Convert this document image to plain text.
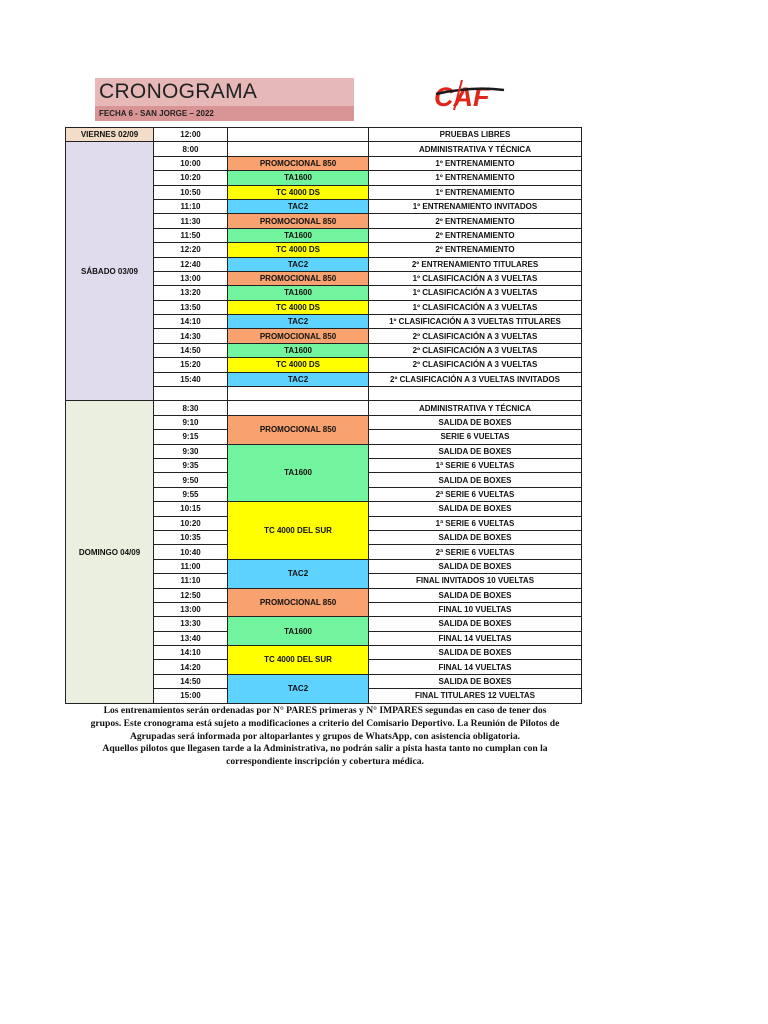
CRONOGRAMA
FECHA 6 - SAN JORGE – 2022
CAF
VIERNES 02/09	12:00		PRUEBAS LIBRES
SÁBADO 03/09	8:00		ADMINISTRATIVA Y TÉCNICA
	10:00	PROMOCIONAL 850	1º ENTRENAMIENTO
	10:20	TA1600	1º ENTRENAMIENTO
	10:50	TC 4000 DS	1º ENTRENAMIENTO
	11:10	TAC2	1º ENTRENAMIENTO INVITADOS
	11:30	PROMOCIONAL 850	2º ENTRENAMIENTO
	11:50	TA1600	2º ENTRENAMIENTO
	12:20	TC 4000 DS	2º ENTRENAMIENTO
	12:40	TAC2	2º ENTRENAMIENTO TITULARES
	13:00	PROMOCIONAL 850	1º CLASIFICACIÓN A 3 VUELTAS
	13:20	TA1600	1º CLASIFICACIÓN A 3 VUELTAS
	13:50	TC 4000 DS	1º CLASIFICACIÓN A 3 VUELTAS
	14:10	TAC2	1º CLASIFICACIÓN A 3 VUELTAS TITULARES
	14:30	PROMOCIONAL 850	2º CLASIFICACIÓN A 3 VUELTAS
	14:50	TA1600	2º CLASIFICACIÓN A 3 VUELTAS
	15:20	TC 4000 DS	2º CLASIFICACIÓN A 3 VUELTAS
	15:40	TAC2	2º CLASIFICACIÓN A 3 VUELTAS INVITADOS

DOMINGO 04/09	8:30		ADMINISTRATIVA Y TÉCNICA
	9:10	PROMOCIONAL 850	SALIDA DE BOXES
	9:15		SERIE 6 VUELTAS
	9:30	TA1600	SALIDA DE BOXES
	9:35		1ª SERIE 6 VUELTAS
	9:50		SALIDA DE BOXES
	9:55		2ª SERIE 6 VUELTAS
	10:15	TC 4000 DEL SUR	SALIDA DE BOXES
	10:20		1ª SERIE 6 VUELTAS
	10:35		SALIDA DE BOXES
	10:40		2ª SERIE 6 VUELTAS
	11:00	TAC2	SALIDA DE BOXES
	11:10		FINAL INVITADOS 10 VUELTAS
	12:50	PROMOCIONAL 850	SALIDA DE BOXES
	13:00		FINAL 10 VUELTAS
	13:30	TA1600	SALIDA DE BOXES
	13:40		FINAL 14 VUELTAS
	14:10	TC 4000 DEL SUR	SALIDA DE BOXES
	14:20		FINAL 14 VUELTAS
	14:50	TAC2	SALIDA DE BOXES
	15:00		FINAL TITULARES 12 VUELTAS
Los entrenamientos serán ordenadas por N° PARES primeras y N° IMPARES segundas en caso de tener dos
grupos. Este cronograma está sujeto a modificaciones a criterio del Comisario Deportivo. La Reunión de Pilotos de
Agrupadas será informada por altoparlantes y grupos de WhatsApp, con asistencia obligatoria.
Aquellos pilotos que llegasen tarde a la Administrativa, no podrán salir a pista hasta tanto no cumplan con la
correspondiente inscripción y cobertura médica.
